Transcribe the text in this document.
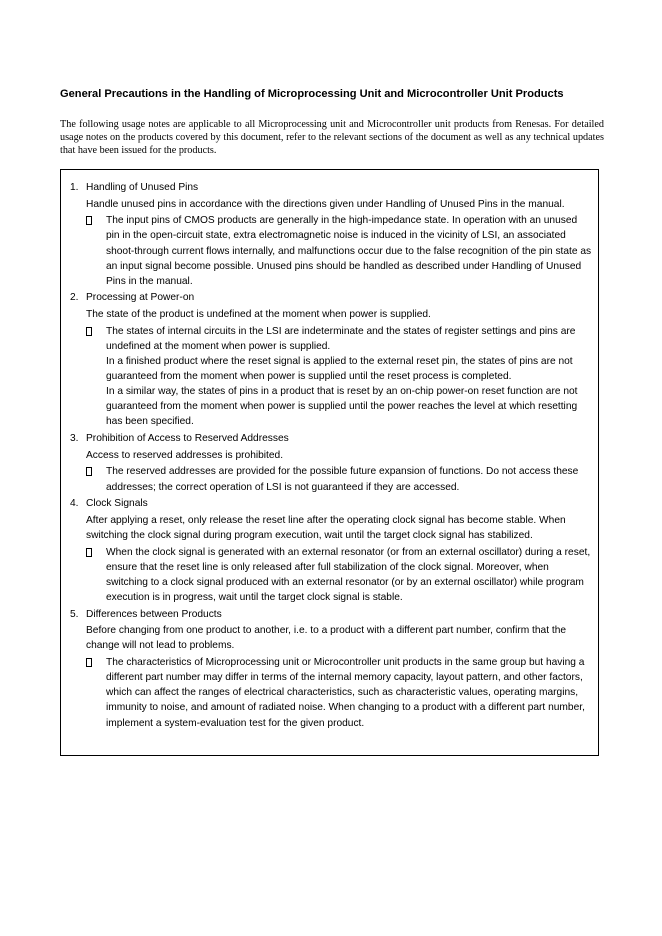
General Precautions in the Handling of Microprocessing Unit and Microcontroller Unit Products
The following usage notes are applicable to all Microprocessing unit and Microcontroller unit products from Renesas. For detailed usage notes on the products covered by this document, refer to the relevant sections of the document as well as any technical updates that have been issued for the products.
1. Handling of Unused Pins
Handle unused pins in accordance with the directions given under Handling of Unused Pins in the manual.

The input pins of CMOS products are generally in the high-impedance state. In operation with an unused pin in the open-circuit state, extra electromagnetic noise is induced in the vicinity of LSI, an associated shoot-through current flows internally, and malfunctions occur due to the false recognition of the pin state as an input signal become possible. Unused pins should be handled as described under Handling of Unused Pins in the manual.

2. Processing at Power-on
The state of the product is undefined at the moment when power is supplied.

The states of internal circuits in the LSI are indeterminate and the states of register settings and pins are undefined at the moment when power is supplied.

In a finished product where the reset signal is applied to the external reset pin, the states of pins are not guaranteed from the moment when power is supplied until the reset process is completed.

In a similar way, the states of pins in a product that is reset by an on-chip power-on reset function are not guaranteed from the moment when power is supplied until the power reaches the level at which resetting has been specified.

3. Prohibition of Access to Reserved Addresses
Access to reserved addresses is prohibited.

The reserved addresses are provided for the possible future expansion of functions. Do not access these addresses; the correct operation of LSI is not guaranteed if they are accessed.

4. Clock Signals
After applying a reset, only release the reset line after the operating clock signal has become stable. When switching the clock signal during program execution, wait until the target clock signal has stabilized.

When the clock signal is generated with an external resonator (or from an external oscillator) during a reset, ensure that the reset line is only released after full stabilization of the clock signal. Moreover, when switching to a clock signal produced with an external resonator (or by an external oscillator) while program execution is in progress, wait until the target clock signal is stable.

5. Differences between Products
Before changing from one product to another, i.e. to a product with a different part number, confirm that the change will not lead to problems.

The characteristics of Microprocessing unit or Microcontroller unit products in the same group but having a different part number may differ in terms of the internal memory capacity, layout pattern, and other factors, which can affect the ranges of electrical characteristics, such as characteristic values, operating margins, immunity to noise, and amount of radiated noise. When changing to a product with a different part number, implement a system-evaluation test for the given product.
